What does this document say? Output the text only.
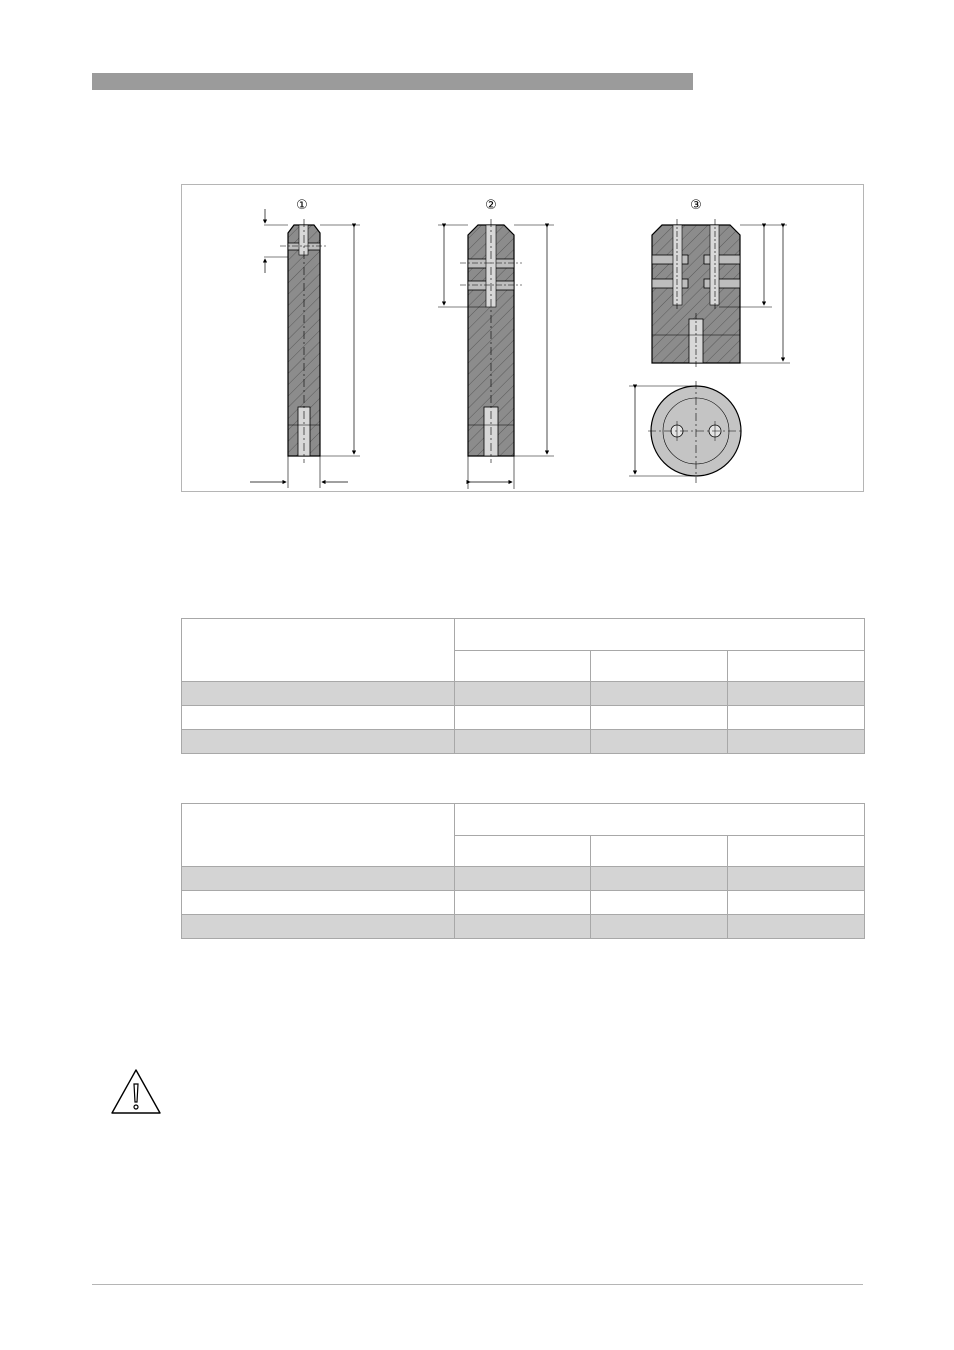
①	②	③
